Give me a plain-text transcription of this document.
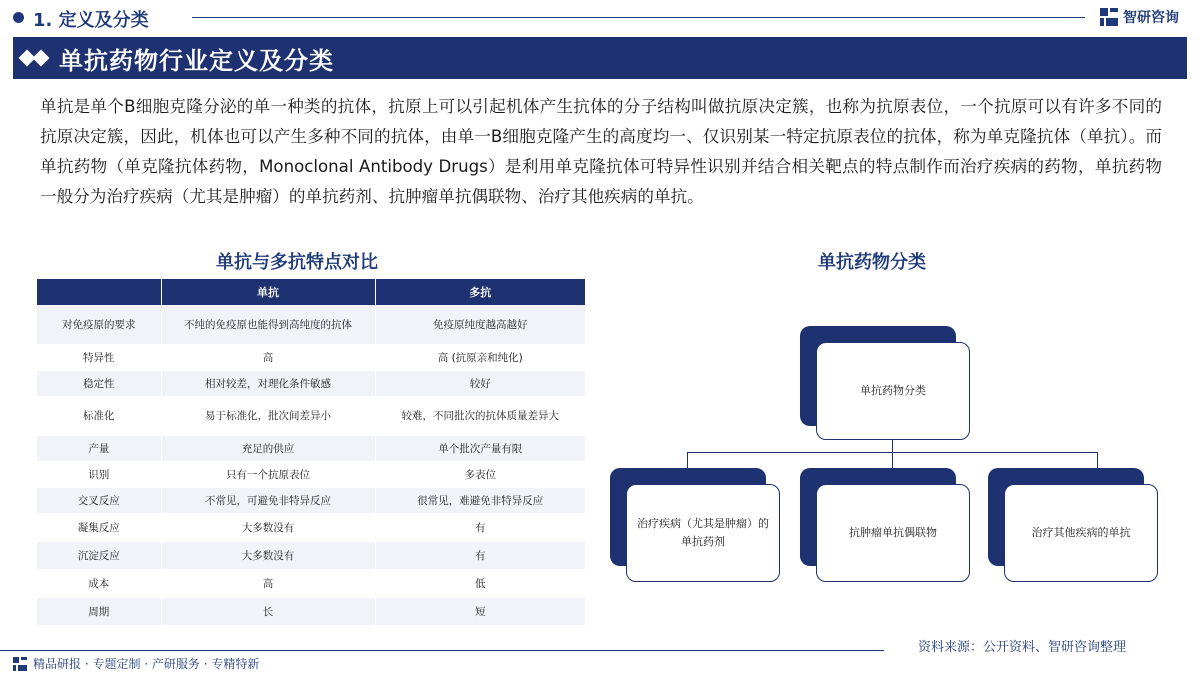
1. 定义及分类	智研咨询
单抗药物行业定义及分类

单抗是单个B细胞克隆分泌的单一种类的抗体，抗原上可以引起机体产生抗体的分子结构叫做抗原决定簇，也称为抗原表位，一个抗原可以有许多不同的抗原决定簇，因此，机体也可以产生多种不同的抗体，由单一B细胞克隆产生的高度均一、仅识别某一特定抗原表位的抗体，称为单克隆抗体（单抗）。而单抗药物（单克隆抗体药物，Monoclonal Antibody Drugs）是利用单克隆抗体可特异性识别并结合相关靶点的特点制作而治疗疾病的药物，单抗药物一般分为治疗疾病（尤其是肿瘤）的单抗药剂、抗肿瘤单抗偶联物、治疗其他疾病的单抗。

单抗与多抗特点对比	单抗药物分类
	单抗	多抗
对免疫原的要求	不纯的免疫原也能得到高纯度的抗体	免疫原纯度越高越好
特异性	高	高 (抗原亲和纯化)
稳定性	相对较差，对理化条件敏感	较好
标准化	易于标准化，批次间差异小	较难，不同批次的抗体质量差异大
产量	充足的供应	单个批次产量有限
识别	只有一个抗原表位	多表位
交叉反应	不常见，可避免非特异反应	很常见，难避免非特异反应
凝集反应	大多数没有	有
沉淀反应	大多数没有	有
成本	高	低
周期	长	短
单抗药物分类
治疗疾病（尤其是肿瘤）的单抗药剂
抗肿瘤单抗偶联物	治疗其他疾病的单抗
资料来源：公开资料、智研咨询整理
精品研报 · 专题定制 · 产研服务 · 专精特新
